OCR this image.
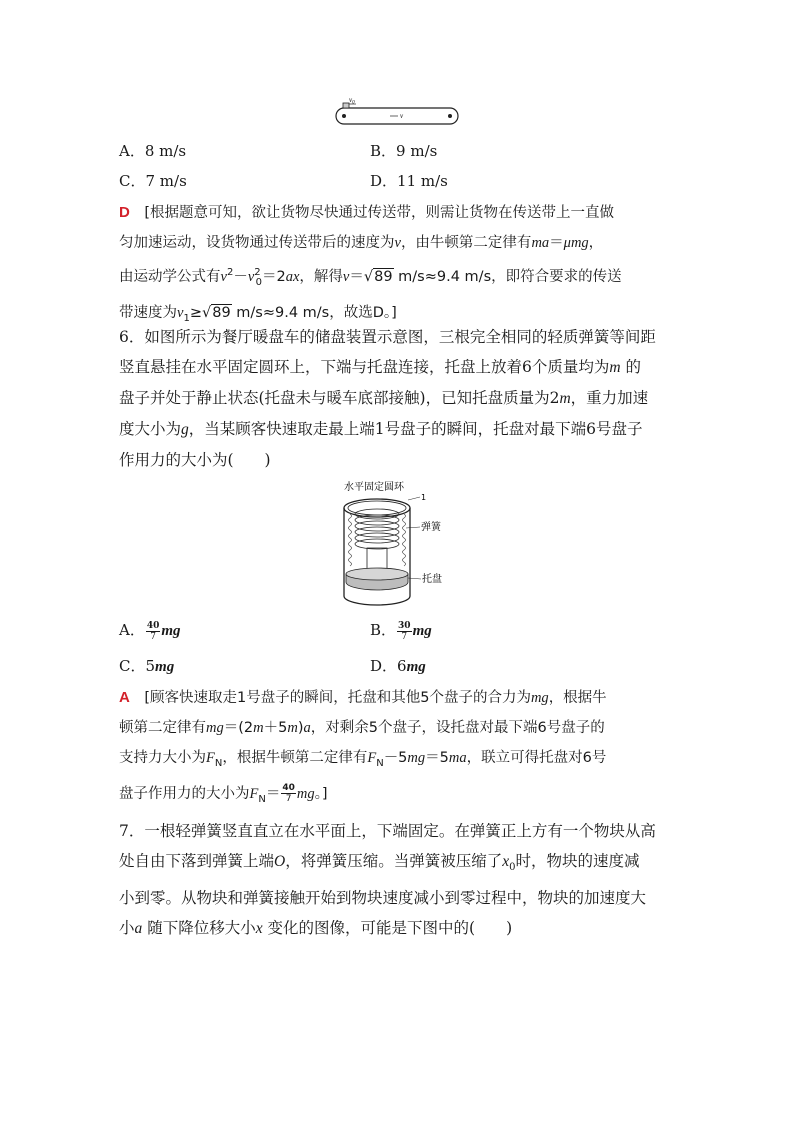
$v_0$
v
A．8 m/s	B．9 m/s
C．7 m/s	D．11 m/s
D　 [根据题意可知，欲让货物尽快通过传送带，则需让货物在传送带上一直做
匀加速运动，设货物通过传送带后的速度为v，由牛顿第二定律有ma＝μmg，
由运动学公式有$v^2-v^2_0=2ax$，解得v＝√89 m/s≈9.4 m/s，即符合要求的传送
带速度为$v_1\ge√89$ m/s≈9.4 m/s，故选D。]
6．如图所示为餐厅暖盘车的储盘装置示意图，三根完全相同的轻质弹簧等间距
竖直悬挂在水平固定圆环上，下端与托盘连接，托盘上放着6个质量均为m 的
盘子并处于静止状态(托盘未与暖车底部接触)，已知托盘质量为2m，重力加速
度大小为g，当某顾客快速取走最上端1号盘子的瞬间，托盘对最下端6号盘子
作用力的大小为(　　)
水平固定圆环
1
弹簧
托盘
A． $\frac{40}{7}$ mg	B． $\frac{30}{7}$ mg
C．5mg	D．6mg
A　 [顾客快速取走1号盘子的瞬间，托盘和其他5个盘子的合力为mg，根据牛
顿第二定律有mg＝(2m＋5m)a，对剩余5个盘子，设托盘对最下端6号盘子的
支持力大小为$F_N$，根据牛顿第二定律有$F_N-5mg=5ma$，联立可得托盘对6号
盘子作用力的大小为$F_N= \frac{40}{7}$ mg。]
7．一根轻弹簧竖直直立在水平面上，下端固定。在弹簧正上方有一个物块从高
处自由下落到弹簧上端O，将弹簧压缩。当弹簧被压缩了$x_0$时，物块的速度减
小到零。从物块和弹簧接触开始到物块速度减小到零过程中，物块的加速度大
小a 随下降位移大小x 变化的图像，可能是下图中的(　　)
